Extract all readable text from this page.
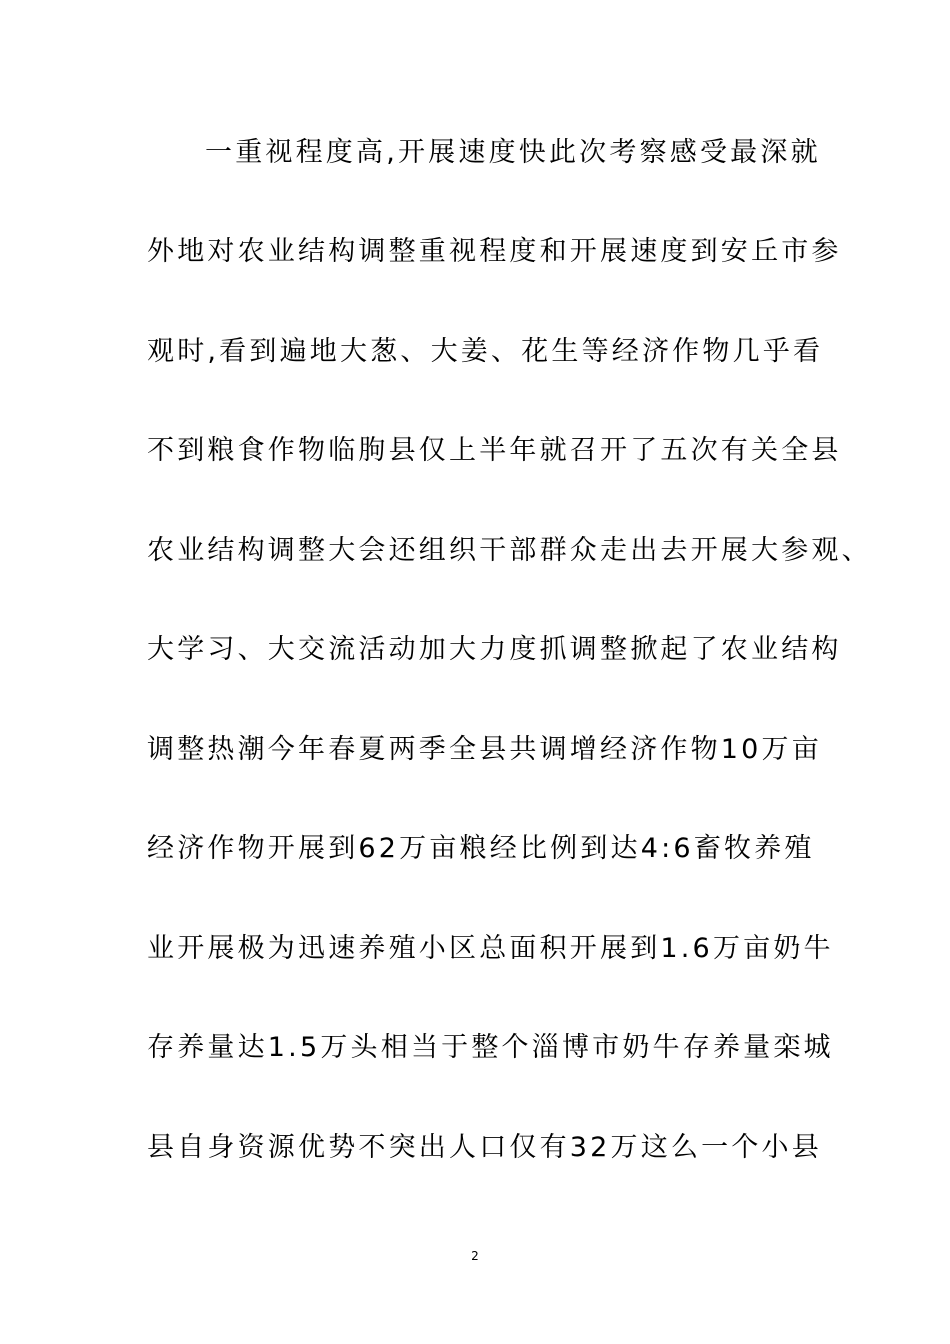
一重视程度高,开展速度快此次考察感受最深就
外地对农业结构调整重视程度和开展速度到安丘市参
观时,看到遍地大葱、大姜、花生等经济作物几乎看
不到粮食作物临朐县仅上半年就召开了五次有关全县
农业结构调整大会还组织干部群众走出去开展大参观、
大学习、大交流活动加大力度抓调整掀起了农业结构
调整热潮今年春夏两季全县共调增经济作物10万亩
经济作物开展到62万亩粮经比例到达4:6畜牧养殖
业开展极为迅速养殖小区总面积开展到1.6万亩奶牛
存养量达1.5万头相当于整个淄博市奶牛存养量栾城
县自身资源优势不突出人口仅有32万这么一个小县
2
